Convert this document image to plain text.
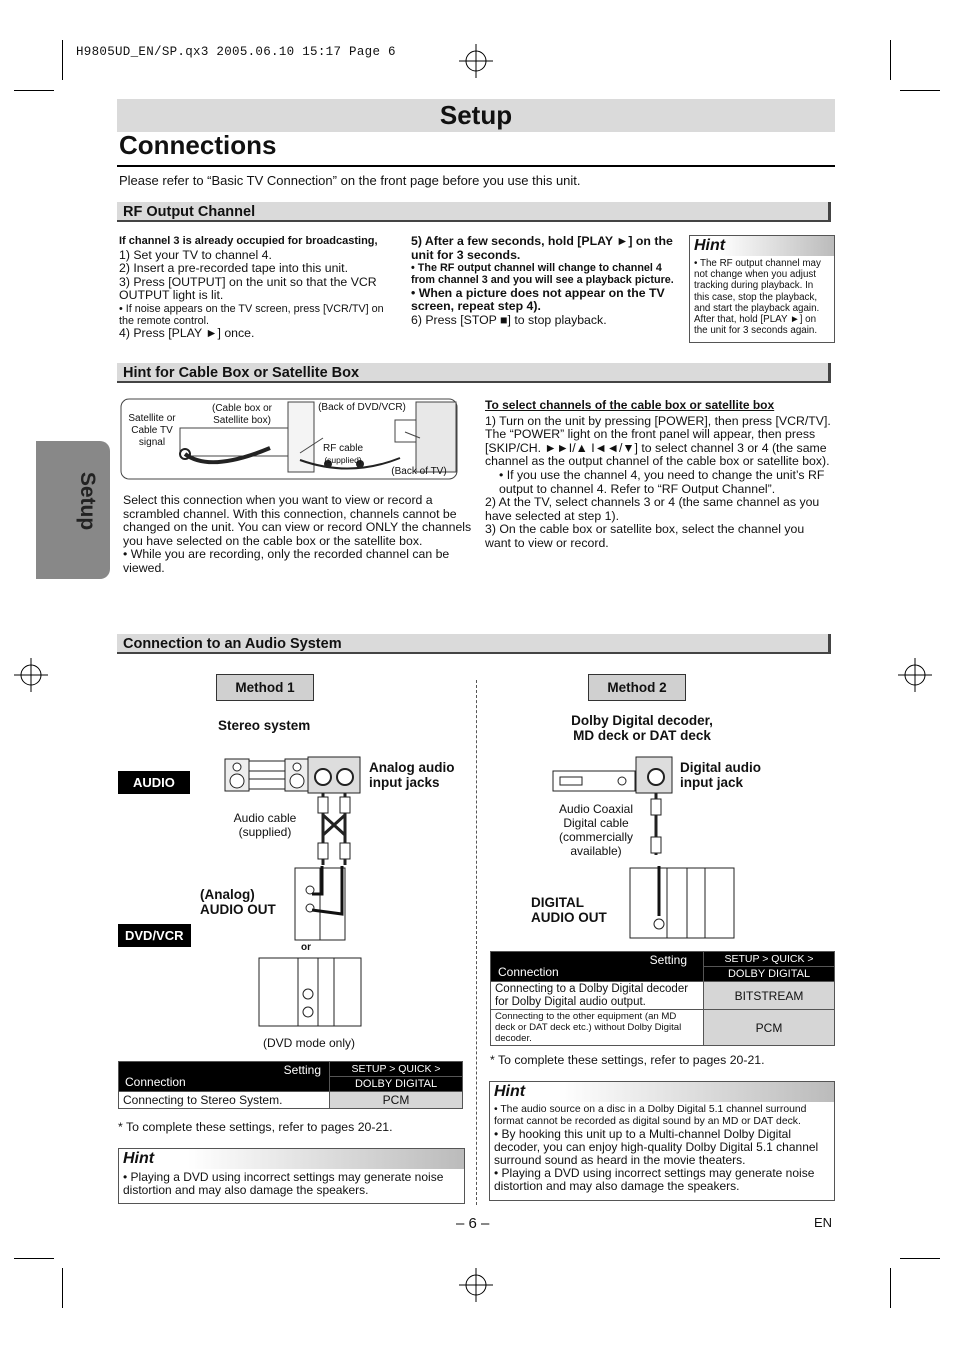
H9805UD_EN/SP.qx3 2005.06.10 15:17 Page 6
Setup
Connections
Please refer to “Basic TV Connection” on the front page before you use this unit.
Setup
RF Output Channel

If channel 3 is already occupied for broadcasting,

1) Set your TV to channel 4.

2) Insert a pre-recorded tape into this unit.

3) Press [OUTPUT] on the unit so that the VCR OUTPUT light is lit.

• If noise appears on the TV screen, press [VCR/TV] on the remote control.

4) Press [PLAY ►] once.

5) After a few seconds, hold [PLAY ►] on the unit for 3 seconds.

• The RF output channel will change to channel 4 from channel 3 and you will see a playback picture.

• When a picture does not appear on the TV screen, repeat step 4).

6) Press [STOP ■] to stop playback.

Hint
• The RF output channel may not change when you adjust tracking during playback. In this case, stop the playback, and start the playback again. After that, hold [PLAY ►] on the unit for 3 seconds again.
Hint for Cable Box or Satellite Box
Satellite or Cable TV signal
(Cable box or Satellite box)
(Back of DVD/VCR)
RF cable
(supplied)
(Back of TV)

Select this connection when you want to view or record a scrambled channel. With this connection, channels cannot be changed on the unit. You can view or record ONLY the channels you have selected on the cable box or the satellite box.

• While you are recording, only the recorded channel can be viewed.

To select channels of the cable box or satellite box

1) Turn on the unit by pressing [POWER], then press [VCR/TV]. The “POWER” light on the front panel will appear, then press [SKIP/CH. ►►I/▲ I◄◄/▼] to select channel 3 or 4 (the same channel as the output channel of the cable box or satellite box).

• If you use the channel 4, you need to change the unit’s RF output to channel 4. Refer to “RF Output Channel”.

2) At the TV, select channels 3 or 4 (the same channel as you have selected at step 1).

3) On the cable box or satellite box, select the channel you want to view or record.

Connection to an Audio System
Method 1
Stereo system
AUDIO
Analog audio input jacks
Audio cable (supplied)
(Analog) AUDIO OUT
DVD/VCR
or
(DVD mode only)
Setting
Connection	SETUP > QUICK >
	DOLBY DIGITAL
Connecting to Stereo System.	PCM
* To complete these settings, refer to pages 20-21.
Hint
• Playing a DVD using incorrect settings may generate noise distortion and may also damage the speakers.
Method 2
Dolby Digital decoder, MD deck or DAT deck
Digital audio input jack
Audio Coaxial Digital cable (commercially available)
DIGITAL AUDIO OUT
Setting
Connection	SETUP > QUICK >
	DOLBY DIGITAL
Connecting to a Dolby Digital decoder for Dolby Digital audio output.	BITSTREAM
Connecting to the other equipment (an MD deck or DAT deck etc.) without Dolby Digital decoder.	PCM
* To complete these settings, refer to pages 20-21.
Hint

• The audio source on a disc in a Dolby Digital 5.1 channel surround format cannot be recorded as digital sound by an MD or DAT deck.

• By hooking this unit up to a Multi-channel Dolby Digital decoder, you can enjoy high-quality Dolby Digital 5.1 channel surround sound as heard in the movie theaters.

• Playing a DVD using incorrect settings may generate noise distortion and may also damage the speakers.

– 6 –	EN
